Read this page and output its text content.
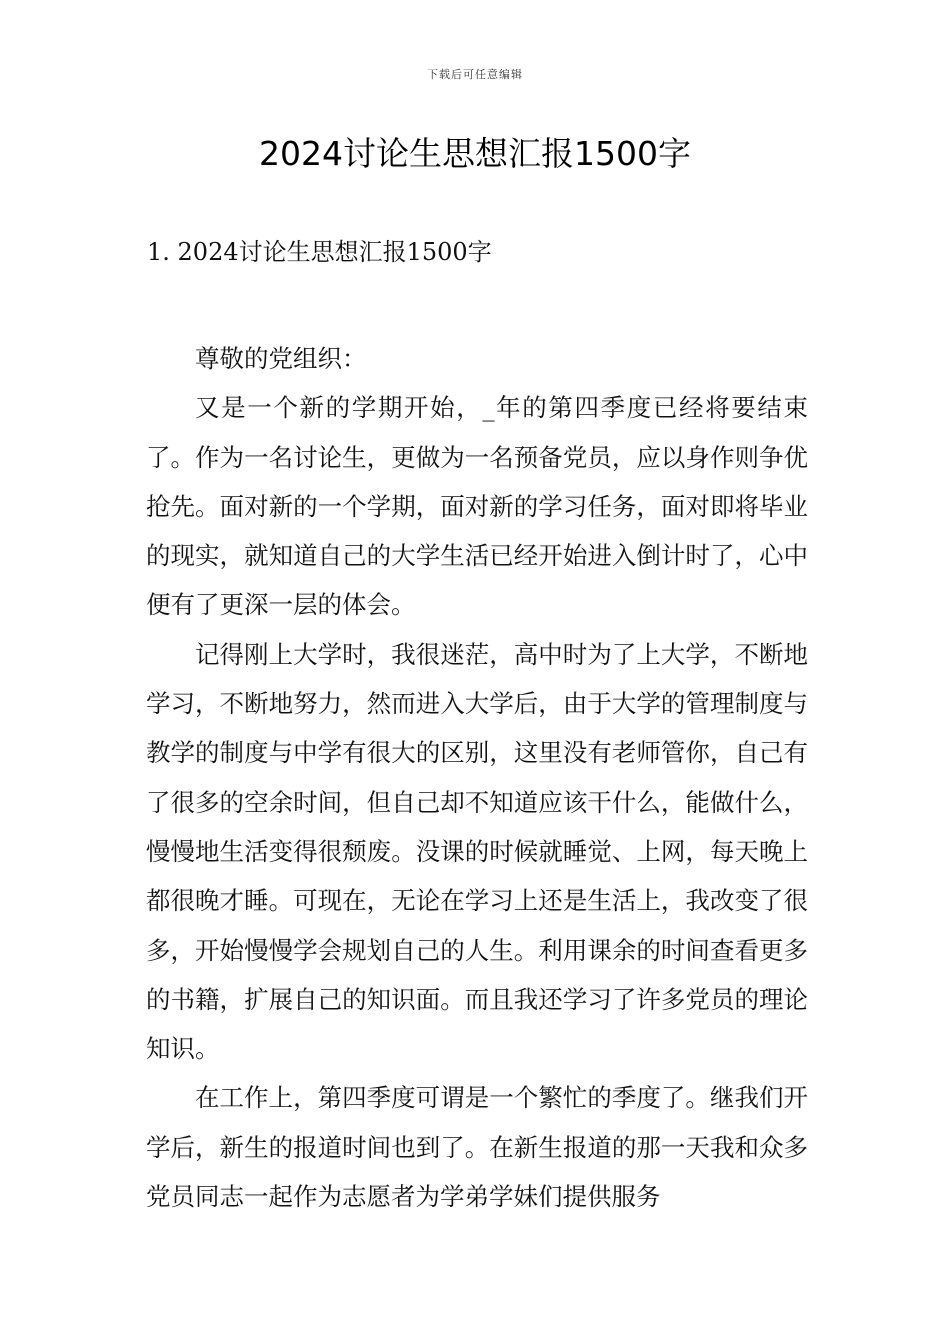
下载后可任意编辑
2024讨论生思想汇报1500字
1. 2024讨论生思想汇报1500字

尊敬的党组织：

又是一个新的学期开始，_年的第四季度已经将要结束了。作为一名讨论生，更做为一名预备党员，应以身作则争优抢先。面对新的一个学期，面对新的学习任务，面对即将毕业的现实，就知道自己的大学生活已经开始进入倒计时了，心中便有了更深一层的体会。

记得刚上大学时，我很迷茫，高中时为了上大学，不断地学习，不断地努力，然而进入大学后，由于大学的管理制度与教学的制度与中学有很大的区别，这里没有老师管你，自己有了很多的空余时间，但自己却不知道应该干什么，能做什么，慢慢地生活变得很颓废。没课的时候就睡觉、上网，每天晚上都很晚才睡。可现在，无论在学习上还是生活上，我改变了很多，开始慢慢学会规划自己的人生。利用课余的时间查看更多的书籍，扩展自己的知识面。而且我还学习了许多党员的理论知识。

在工作上，第四季度可谓是一个繁忙的季度了。继我们开学后，新生的报道时间也到了。在新生报道的那一天我和众多党员同志一起作为志愿者为学弟学妹们提供服务
